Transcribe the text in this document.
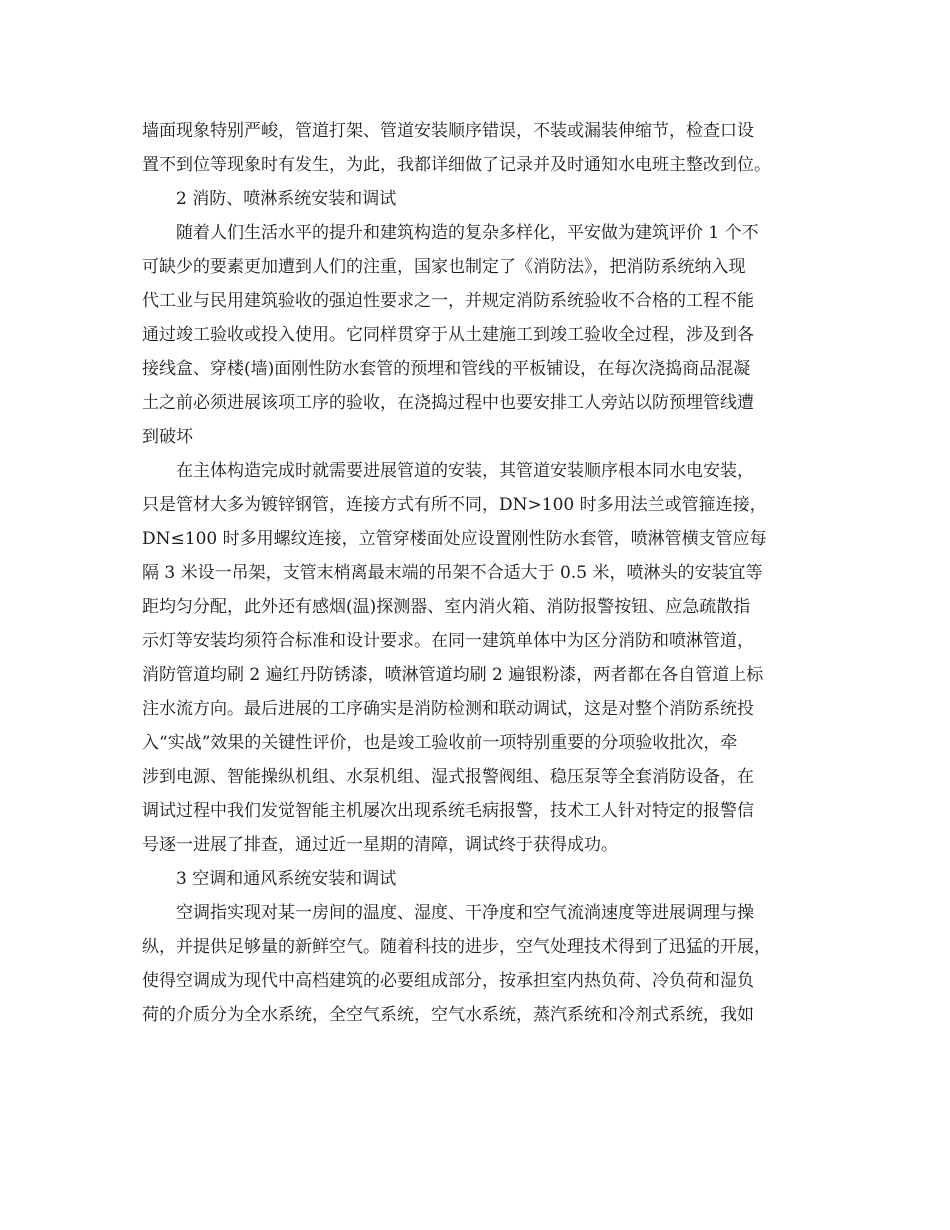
墙面现象特别严峻，管道打架、管道安装顺序错误，不装或漏装伸缩节，检查口设
置不到位等现象时有发生，为此，我都详细做了记录并及时通知水电班主整改到位。
2 消防、喷淋系统安装和调试
随着人们生活水平的提升和建筑构造的复杂多样化，平安做为建筑评价 1 个不
可缺少的要素更加遭到人们的注重，国家也制定了《消防法》，把消防系统纳入现
代工业与民用建筑验收的强迫性要求之一，并规定消防系统验收不合格的工程不能
通过竣工验收或投入使用。它同样贯穿于从土建施工到竣工验收全过程，涉及到各
接线盒、穿楼(墙)面刚性防水套管的预埋和管线的平板铺设，在每次浇捣商品混凝
土之前必须进展该项工序的验收，在浇捣过程中也要安排工人旁站以防预埋管线遭
到破坏
在主体构造完成时就需要进展管道的安装，其管道安装顺序根本同水电安装，
只是管材大多为镀锌钢管，连接方式有所不同，DN>100 时多用法兰或管箍连接，
DN≤100 时多用螺纹连接，立管穿楼面处应设置刚性防水套管，喷淋管横支管应每
隔 3 米设一吊架，支管末梢离最末端的吊架不合适大于 0.5 米，喷淋头的安装宜等
距均匀分配，此外还有感烟(温)探测器、室内消火箱、消防报警按钮、应急疏散指
示灯等安装均须符合标准和设计要求。在同一建筑单体中为区分消防和喷淋管道，
消防管道均刷 2 遍红丹防锈漆，喷淋管道均刷 2 遍银粉漆，两者都在各自管道上标
注水流方向。最后进展的工序确实是消防检测和联动调试，这是对整个消防系统投
入“实战”效果的关键性评价，也是竣工验收前一项特别重要的分项验收批次，牵
涉到电源、智能操纵机组、水泵机组、湿式报警阀组、稳压泵等全套消防设备，在
调试过程中我们发觉智能主机屡次出现系统毛病报警，技术工人针对特定的报警信
号逐一进展了排查，通过近一星期的清障，调试终于获得成功。
3 空调和通风系统安装和调试
空调指实现对某一房间的温度、湿度、干净度和空气流淌速度等进展调理与操
纵，并提供足够量的新鲜空气。随着科技的进步，空气处理技术得到了迅猛的开展，
使得空调成为现代中高档建筑的必要组成部分，按承担室内热负荷、冷负荷和湿负
荷的介质分为全水系统，全空气系统，空气水系统，蒸汽系统和冷剂式系统，我如
